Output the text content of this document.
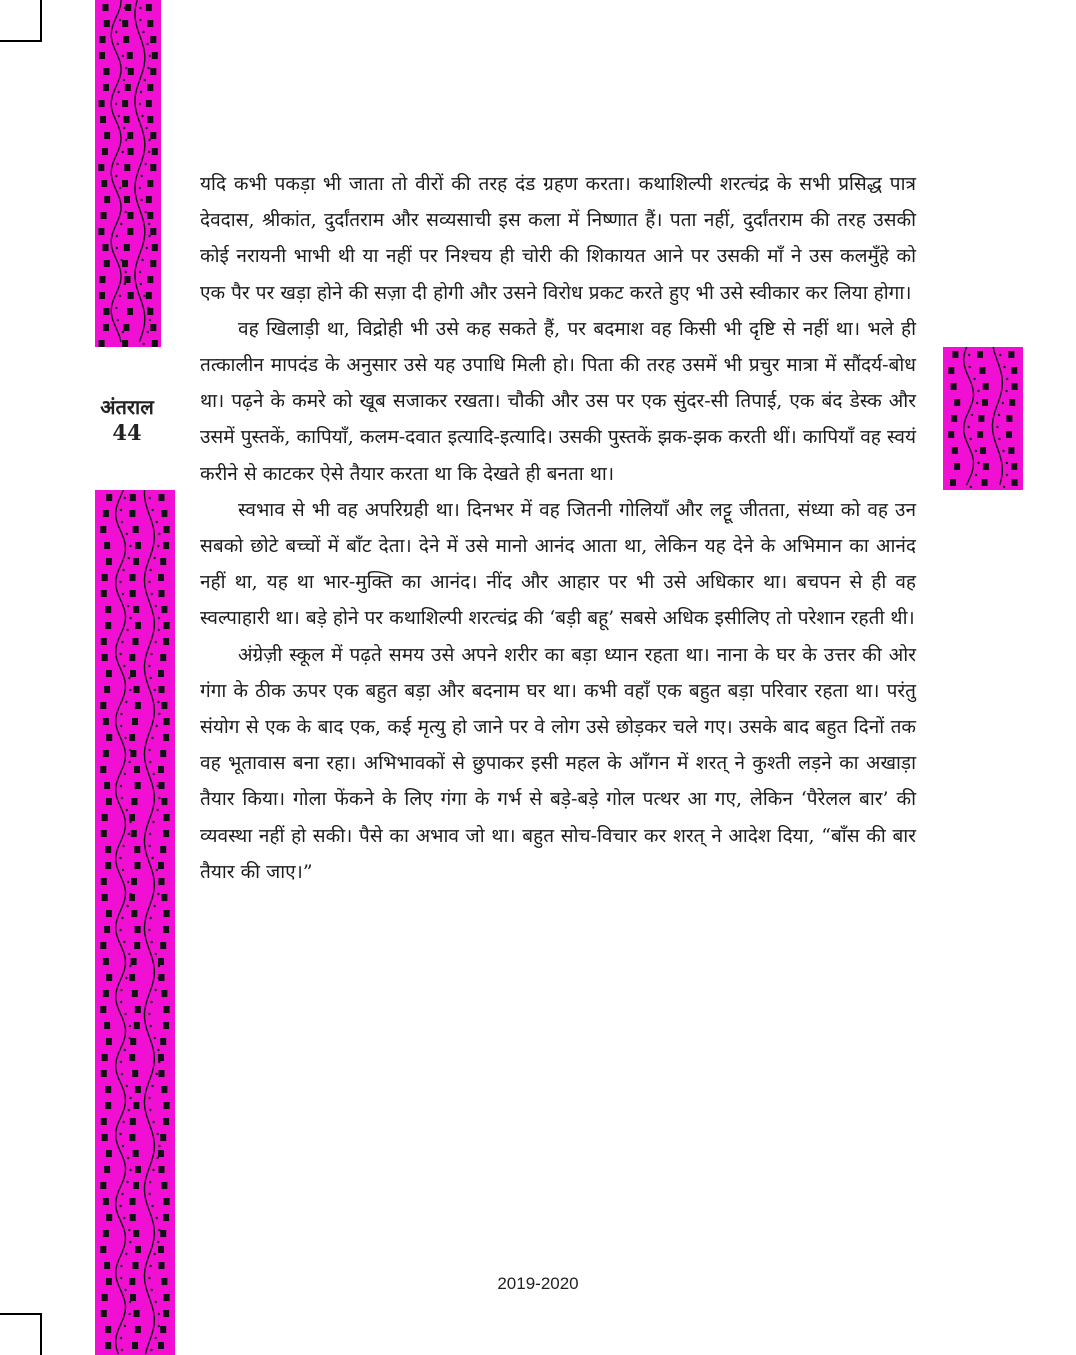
अंतराल
44

यदि कभी पकड़ा भी जाता तो वीरों की तरह दंड ग्रहण करता। कथाशिल्पी शरत्चंद्र के सभी प्रसिद्ध पात्र देवदास, श्रीकांत, दुर्दांतराम और सव्यसाची इस कला में निष्णात हैं। पता नहीं, दुर्दांतराम की तरह उसकी कोई नरायनी भाभी थी या नहीं पर निश्चय ही चोरी की शिकायत आने पर उसकी माँ ने उस कलमुँहे को एक पैर पर खड़ा होने की सज़ा दी होगी और उसने विरोध प्रकट करते हुए भी उसे स्वीकार कर लिया होगा।

वह खिलाड़ी था, विद्रोही भी उसे कह सकते हैं, पर बदमाश वह किसी भी दृष्टि से नहीं था। भले ही तत्कालीन मापदंड के अनुसार उसे यह उपाधि मिली हो। पिता की तरह उसमें भी प्रचुर मात्रा में सौंदर्य-बोध था। पढ़ने के कमरे को खूब सजाकर रखता। चौकी और उस पर एक सुंदर-सी तिपाई, एक बंद डेस्क और उसमें पुस्तकें, कापियाँ, कलम-दवात इत्यादि-इत्यादि। उसकी पुस्तकें झक-झक करती थीं। कापियाँ वह स्वयं करीने से काटकर ऐसे तैयार करता था कि देखते ही बनता था।

स्वभाव से भी वह अपरिग्रही था। दिनभर में वह जितनी गोलियाँ और लट्टू जीतता, संध्या को वह उन सबको छोटे बच्चों में बाँट देता। देने में उसे मानो आनंद आता था, लेकिन यह देने के अभिमान का आनंद नहीं था, यह था भार-मुक्ति का आनंद। नींद और आहार पर भी उसे अधिकार था। बचपन से ही वह स्वल्पाहारी था। बड़े होने पर कथाशिल्पी शरत्चंद्र की ‘बड़ी बहू’ सबसे अधिक इसीलिए तो परेशान रहती थी।

अंग्रेज़ी स्कूल में पढ़ते समय उसे अपने शरीर का बड़ा ध्यान रहता था। नाना के घर के उत्तर की ओर गंगा के ठीक ऊपर एक बहुत बड़ा और बदनाम घर था। कभी वहाँ एक बहुत बड़ा परिवार रहता था। परंतु संयोग से एक के बाद एक, कई मृत्यु हो जाने पर वे लोग उसे छोड़कर चले गए। उसके बाद बहुत दिनों तक वह भूतावास बना रहा। अभिभावकों से छुपाकर इसी महल के आँगन में शरत् ने कुश्ती लड़ने का अखाड़ा तैयार किया। गोला फेंकने के लिए गंगा के गर्भ से बड़े-बड़े गोल पत्थर आ गए, लेकिन ‘पैरेलल बार’ की व्यवस्था नहीं हो सकी। पैसे का अभाव जो था। बहुत सोच-विचार कर शरत् ने आदेश दिया, “बाँस की बार तैयार की जाए।”

2019-2020
